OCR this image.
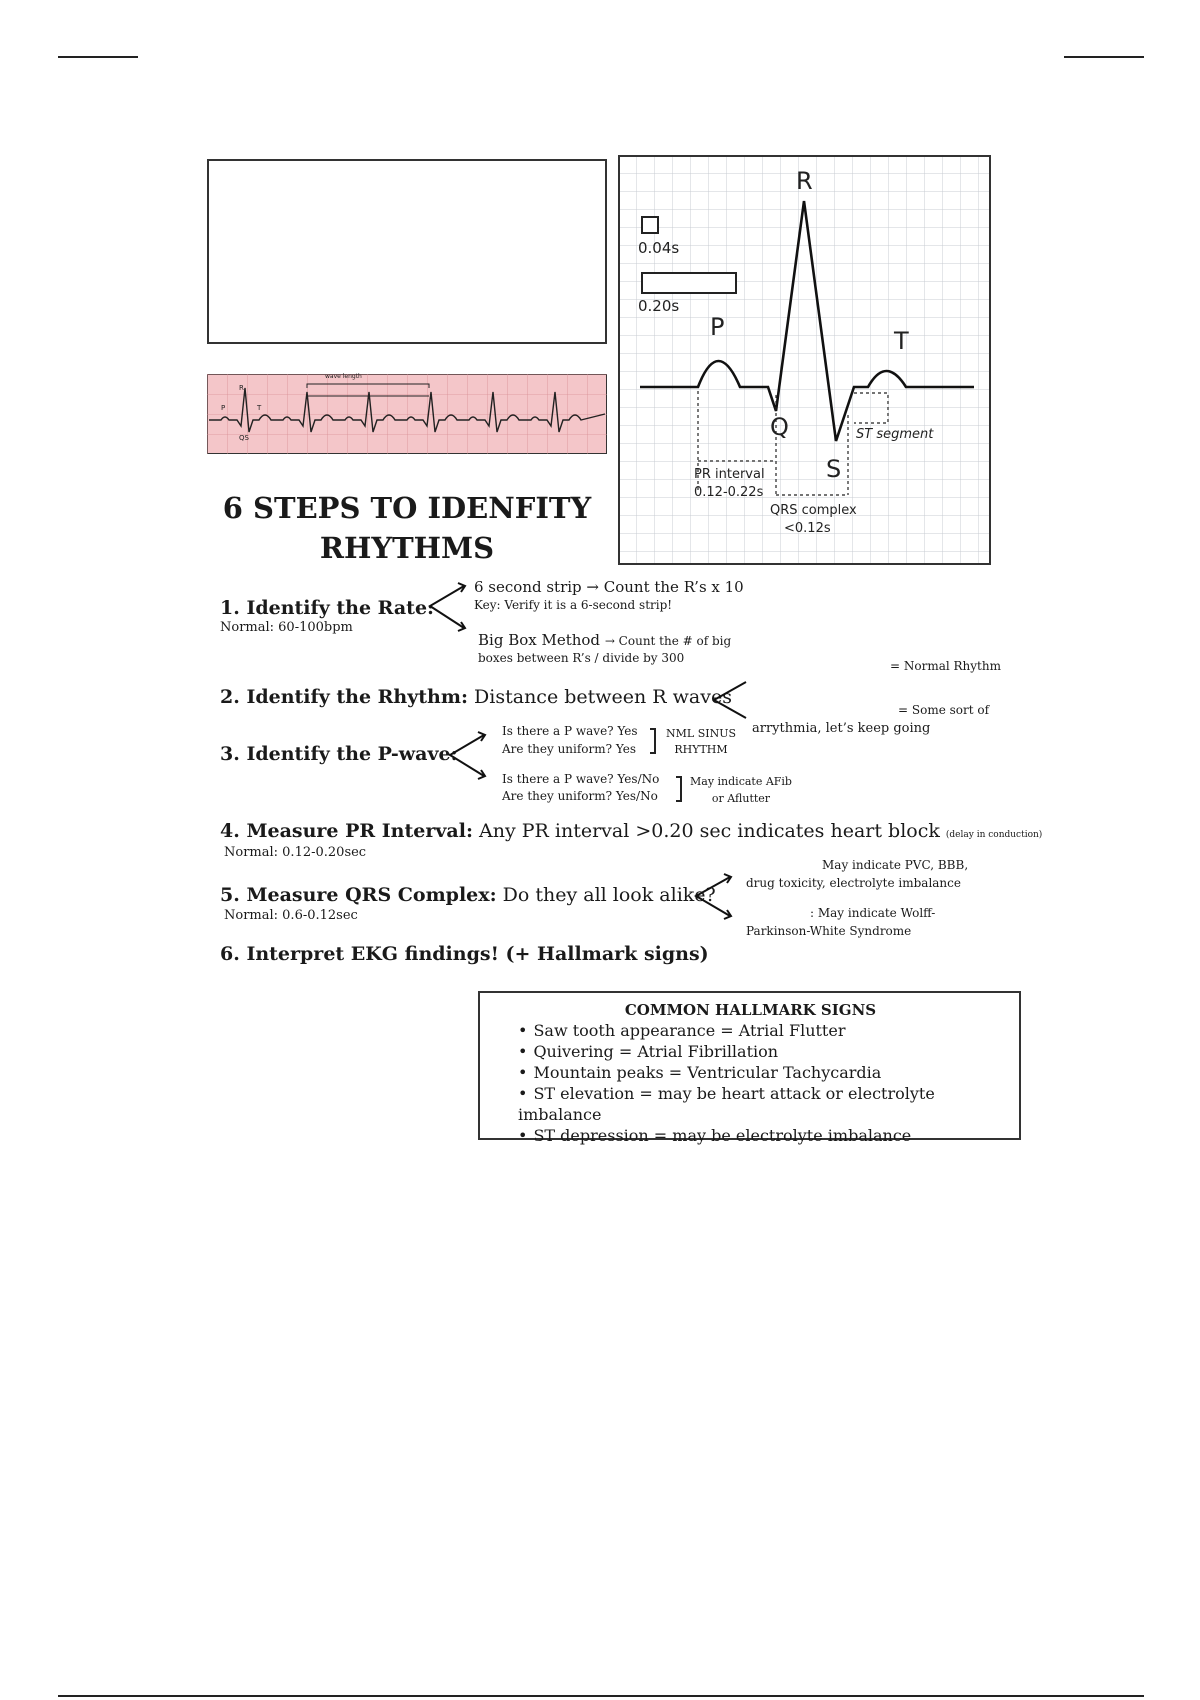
wave length
R
P	T
QS
0.04s
0.20s
R
P	T
Q
S
ST segment
PR interval
0.12-0.22s
QRS complex
<0.12s
6 STEPS TO IDENFITY
RHYTHMS
1. Identify the Rate:
Normal: 60-100bpm
6 second strip → Count the R’s x 10
Key: Verify it is a 6-second strip!
Big Box Method → Count the # of big
boxes between R’s / divide by 300
2. Identify the Rhythm: Distance between R waves
= Normal Rhythm
= Some sort of
arrythmia, let’s keep going
3. Identify the P-wave:
Is there a P wave? Yes
Are they uniform? Yes
NML SINUS
RHYTHM
Is there a P wave? Yes/No
Are they uniform? Yes/No
May indicate AFib
or Aflutter
4. Measure PR Interval: Any PR interval >0.20 sec indicates heart block (delay in conduction)
Normal: 0.12-0.20sec
5. Measure QRS Complex: Do they all look alike?
Normal: 0.6-0.12sec
May indicate PVC, BBB,
drug toxicity, electrolyte imbalance
: May indicate Wolff-
Parkinson-White Syndrome
6. Interpret EKG findings! (+ Hallmark signs)
COMMON HALLMARK SIGNS
• Saw tooth appearance = Atrial Flutter
• Quivering = Atrial Fibrillation
• Mountain peaks = Ventricular Tachycardia
• ST elevation = may be heart attack or electrolyte imbalance
• ST depression = may be electrolyte imbalance
